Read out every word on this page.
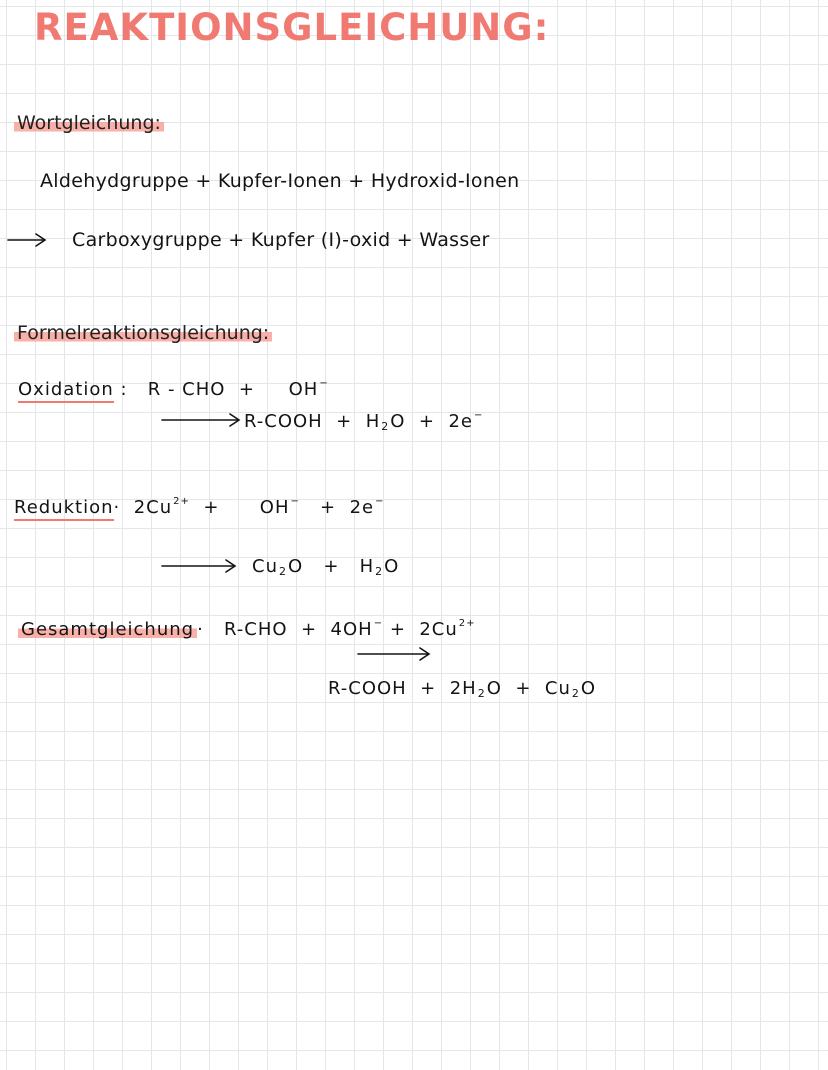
REAKTIONSGLEICHUNG:
Wortgleichung:
Aldehydgruppe + Kupfer-Ionen + Hydroxid-Ionen
Carboxygruppe + Kupfer (I)-oxid + Wasser
Formelreaktionsgleichung:
Oxidation :   R - CHO + OH−
R-COOH + $H_2O + 2e^-$
Reduktion·  $2Cu^{2+} + OH^- + 2e^-$
$Cu_2O + H_2O$
Gesamtgleichung ·   $R-CHO + 4OH^- + 2Cu^{2+}$
R-COOH + $2H_2O + Cu_2O$
